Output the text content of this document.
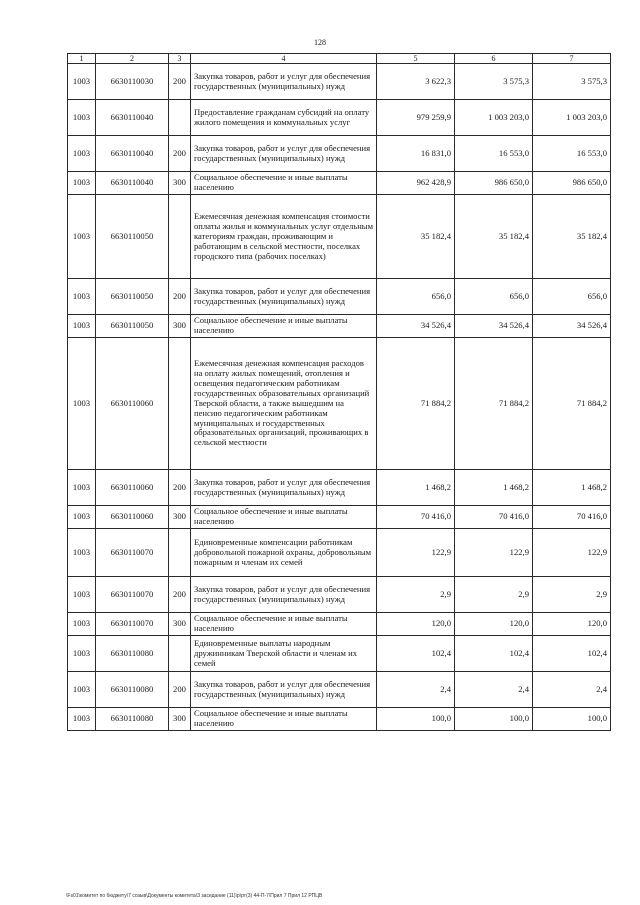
128
1	2	3	4	5	6	7
1003	6630110030	200	Закупка товаров, работ и услуг для обеспечения государственных (муниципальных) нужд	3 622,3	3 575,3	3 575,3
1003	6630110040		Предоставление гражданам субсидий на оплату жилого помещения и коммунальных услуг	979 259,9	1 003 203,0	1 003 203,0
1003	6630110040	200	Закупка товаров, работ и услуг для обеспечения государственных (муниципальных) нужд	16 831,0	16 553,0	16 553,0
1003	6630110040	300	Социальное обеспечение и иные выплаты населению	962 428,9	986 650,0	986 650,0
1003	6630110050		Ежемесячная денежная компенсация стоимости оплаты жилья и коммунальных услуг отдельным категориям граждан, проживающим и работающим в сельской местности, поселках городского типа (рабочих поселках)	35 182,4	35 182,4	35 182,4
1003	6630110050	200	Закупка товаров, работ и услуг для обеспечения государственных (муниципальных) нужд	656,0	656,0	656,0
1003	6630110050	300	Социальное обеспечение и иные выплаты населению	34 526,4	34 526,4	34 526,4
1003	6630110060		Ежемесячная денежная компенсация расходов на оплату жилых помещений, отопления и освещения педагогическим работникам государственных образовательных организаций Тверской области, а также вышедшим на пенсию педагогическим работникам муниципальных и государственных образовательных организаций, проживающих в сельской местности	71 884,2	71 884,2	71 884,2
1003	6630110060	200	Закупка товаров, работ и услуг для обеспечения государственных (муниципальных) нужд	1 468,2	1 468,2	1 468,2
1003	6630110060	300	Социальное обеспечение и иные выплаты населению	70 416,0	70 416,0	70 416,0
1003	6630110070		Единовременные компенсации работникам добровольной пожарной охраны, добровольным пожарным и членам их семей	122,9	122,9	122,9
1003	6630110070	200	Закупка товаров, работ и услуг для обеспечения государственных (муниципальных) нужд	2,9	2,9	2,9
1003	6630110070	300	Социальное обеспечение и иные выплаты населению	120,0	120,0	120,0
1003	6630110080		Единовременные выплаты народным дружинникам Тверской области и членам их семей	102,4	102,4	102,4
1003	6630110080	200	Закупка товаров, работ и услуг для обеспечения государственных (муниципальных) нужд	2,4	2,4	2,4
1003	6630110080	300	Социальное обеспечение и иные выплаты населению	100,0	100,0	100,0
\Fs01\комитет по бюджету\7 созыв\Документы комитета\3 заседание (11)\р\рт(3) 44-П-7\Прил 7 Прил 12 РПЦВ
